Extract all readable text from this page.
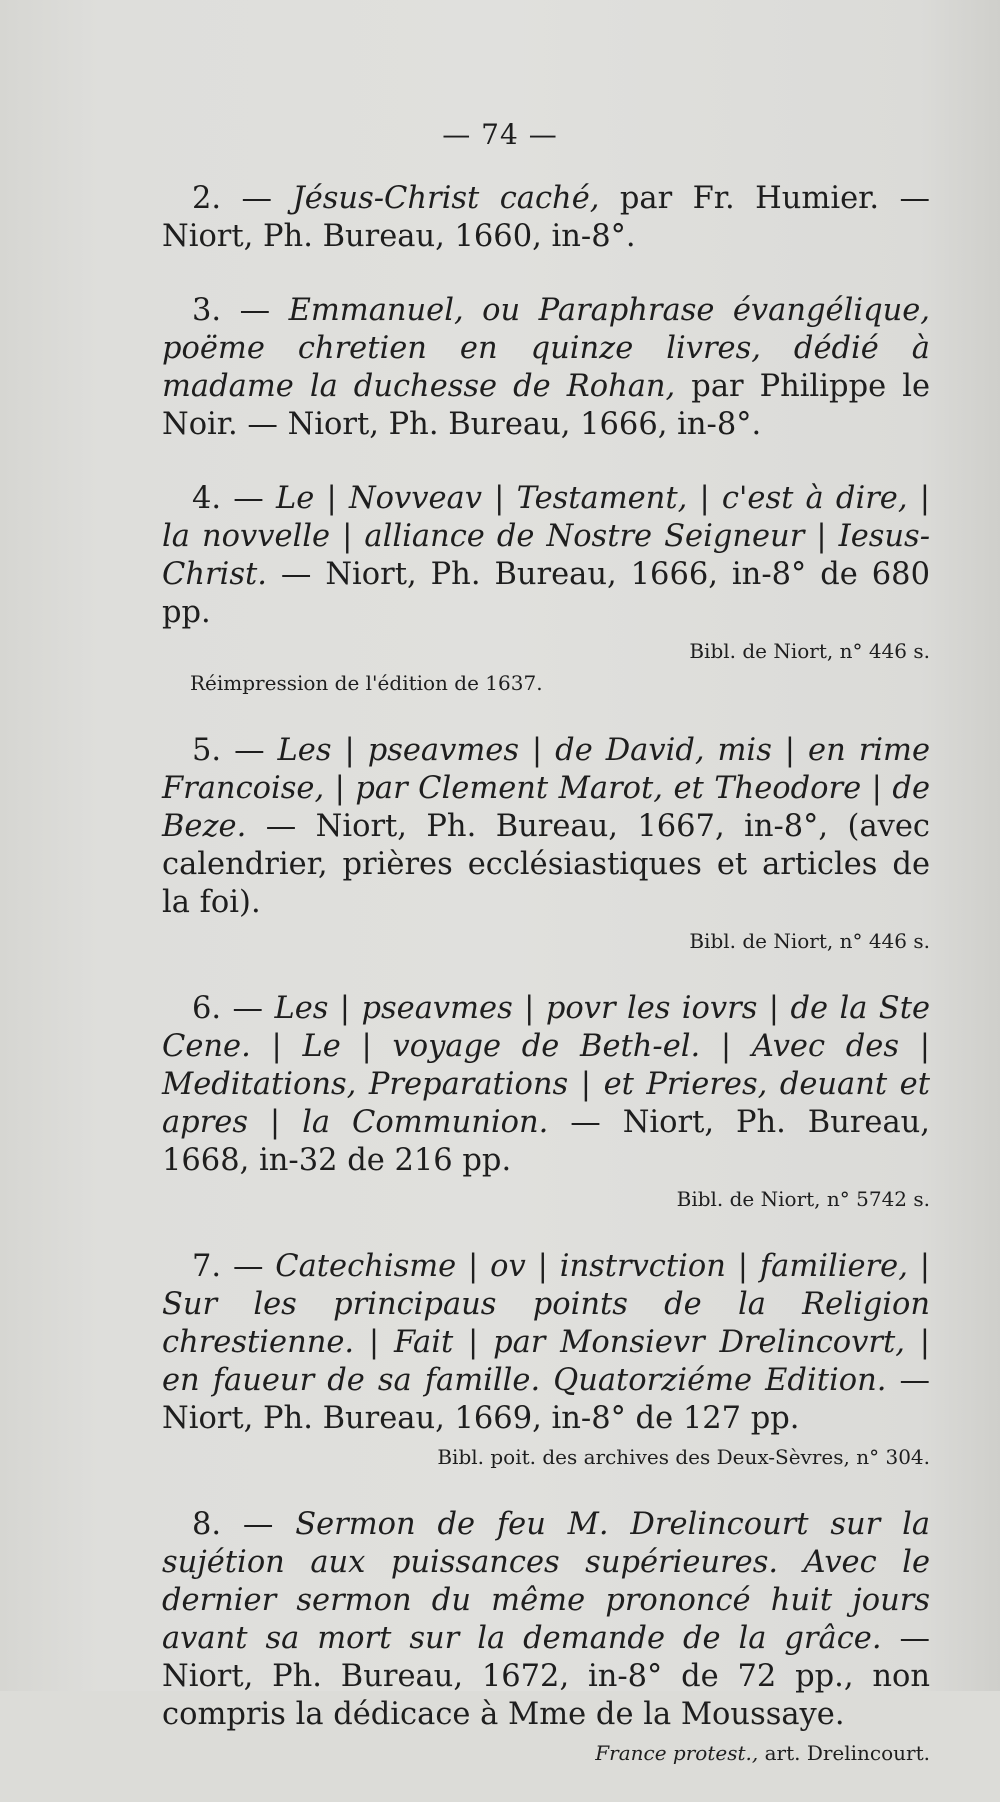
— 74 —

2. — Jésus-Christ caché, par Fr. Humier. — Niort, Ph. Bureau, 1660, in-8°.

3. — Emmanuel, ou Paraphrase évangélique, poëme chretien en quinze livres, dédié à madame la duchesse de Rohan, par Philippe le Noir. — Niort, Ph. Bureau, 1666, in-8°.

4. — Le | Novveav | Testament, | c'est à dire, | la novvelle | alliance de Nostre Seigneur | Iesus-Christ. — Niort, Ph. Bureau, 1666, in-8° de 680 pp.

Bibl. de Niort, n° 446 s.
Réimpression de l'édition de 1637.

5. — Les | pseavmes | de David, mis | en rime Francoise, | par Clement Marot, et Theodore | de Beze. — Niort, Ph. Bureau, 1667, in-8°, (avec calendrier, prières ecclésiastiques et articles de la foi).

Bibl. de Niort, n° 446 s.

6. — Les | pseavmes | povr les iovrs | de la Ste Cene. | Le | voyage de Beth-el. | Avec des | Meditations, Preparations | et Prieres, deuant et apres | la Communion. — Niort, Ph. Bureau, 1668, in-32 de 216 pp.

Bibl. de Niort, n° 5742 s.

7. — Catechisme | ov | instrvction | familiere, | Sur les principaus points de la Religion chrestienne. | Fait | par Monsievr Drelincovrt, | en faueur de sa famille. Quatorziéme Edition. — Niort, Ph. Bureau, 1669, in-8° de 127 pp.

Bibl. poit. des archives des Deux-Sèvres, n° 304.

8. — Sermon de feu M. Drelincourt sur la sujétion aux puissances supérieures. Avec le dernier sermon du même prononcé huit jours avant sa mort sur la demande de la grâce. — Niort, Ph. Bureau, 1672, in-8° de 72 pp., non compris la dédicace à Mme de la Moussaye.

France protest., art. Drelincourt.
